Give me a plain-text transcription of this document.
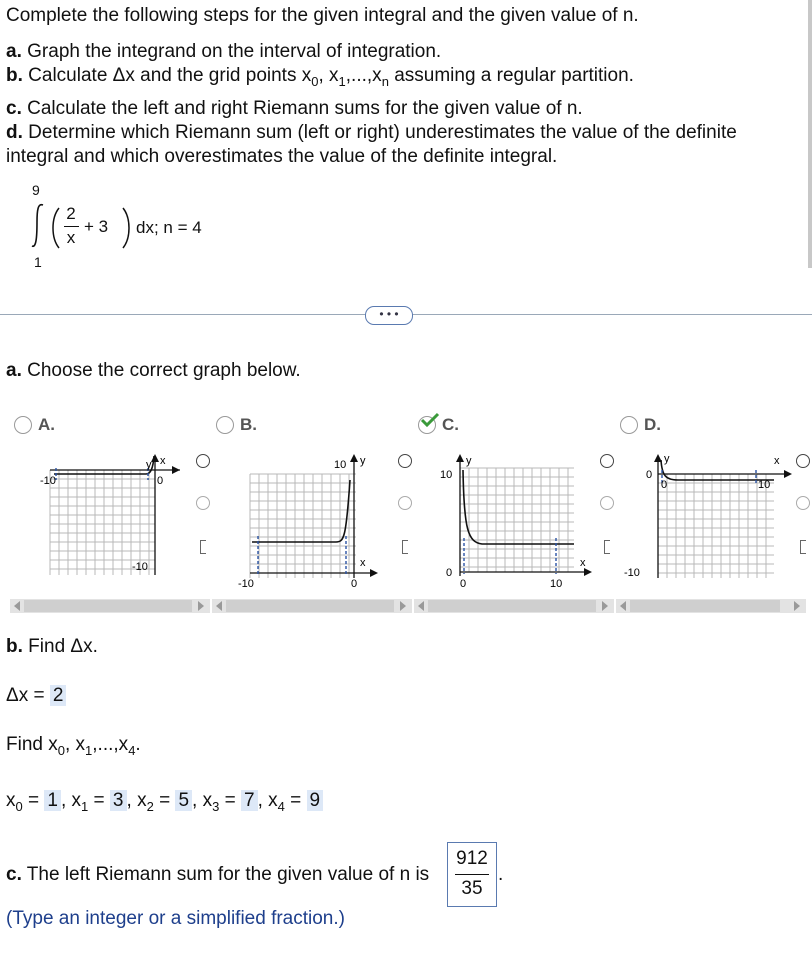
Complete the following steps for the given integral and the given value of n.
a. Graph the integrand on the interval of integration.
b. Calculate Δx and the grid points $x_0$, $x_1,...,x_n$ assuming a regular partition.
c. Calculate the left and right Riemann sums for the given value of n.
d. Determine which Riemann sum (left or right) underestimates the value of the definite
integral and which overestimates the value of the definite integral.
9
1
2
x
+ 3 dx; n = 4
• • •
a. Choose the correct graph below.
A.
-10	0
-10
y x
B.
10
0
-10
y
x
C.
10
0
0	10
y
x
D.
0
0	10
-10
y	x
b. Find Δx.
Δx = 2
Find $x_0$, $x_1,...,x_4$.
$x_0 = 1$ , $x_1 = 3$ , $x_2 = 5$ , $x_3 = 7$ , $x_4 = 9$
c. The left Riemann sum for the given value of n is
912
35
.
(Type an integer or a simplified fraction.)
